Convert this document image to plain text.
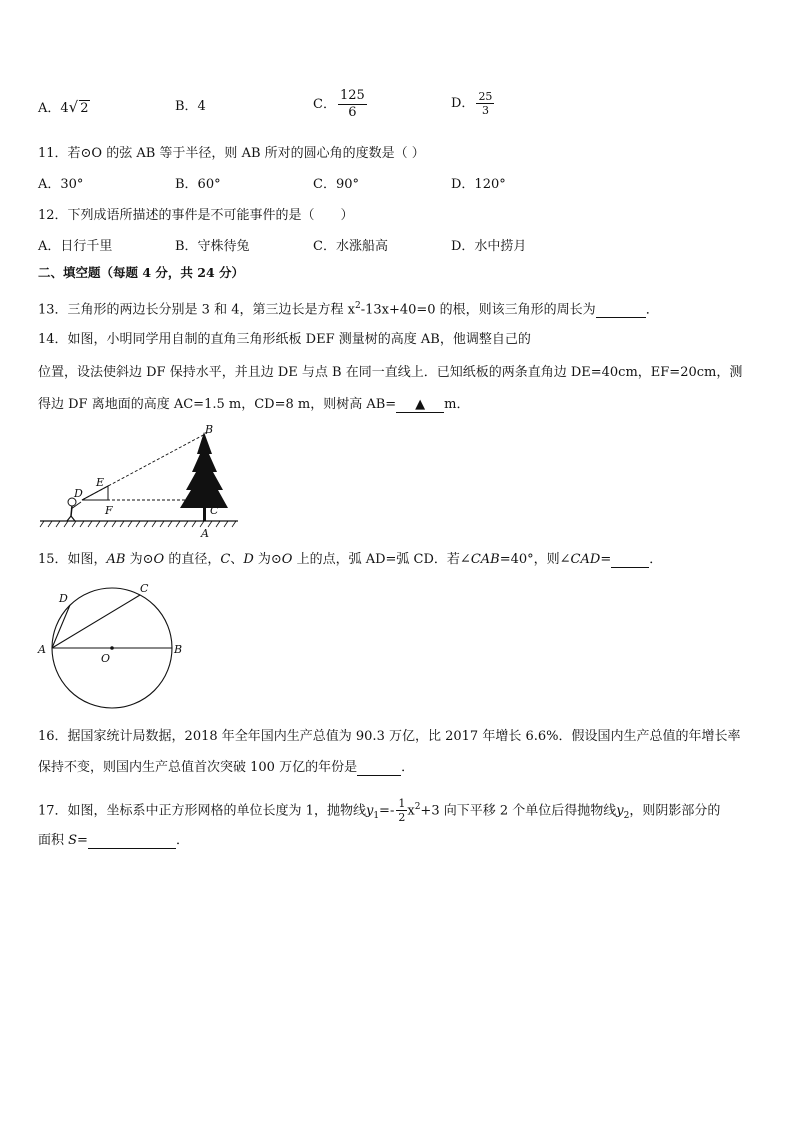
A．4√ 2	B．4	C． $\frac{125}{6}$	D． $\frac{25}{3}$
11．若⊙O 的弦 AB 等于半径，则 AB 所对的圆心角的度数是（ ）
A．30°	B．60°	C．90°	D．120°
12．下列成语所描述的事件是不可能事件的是（　　）
A．日行千里	B．守株待兔	C．水涨船高	D．水中捞月
二、填空题（每题 4 分，共 24 分）
13．三角形的两边长分别是 3 和 4，第三边长是方程 $x^2-13x+40=0$ 的根，则该三角形的周长为	．
14．如图，小明同学用自制的直角三角形纸板 DEF 测量树的高度 AB，他调整自己的
位置，设法使斜边 DF 保持水平，并且边 DE 与点 B 在同一直线上．已知纸板的两条直角边 DE=40cm，EF=20cm，测
得边 DF 离地面的高度 AC=1.5 m，CD=8 m，则树高 AB= ▲ m．
B
E
D
F	C
A
15．如图，AB 为⊙O 的直径，C、D 为⊙O 上的点，弧 AD=弧 CD．若∠CAB=40°，则∠CAD=	．
D
C
A
O
B
16．据国家统计局数据，2018 年全年国内生产总值为 90.3 万亿，比 2017 年增长 6.6%．假设国内生产总值的年增长率
保持不变，则国内生产总值首次突破 100 万亿的年份是	．
17．如图，坐标系中正方形网格的单位长度为 1，抛物线$y_1=- \frac{1}{2} x^2+3$ 向下平移 2 个单位后得抛物线$y_2$，则阴影部分的
面积 S=	．
